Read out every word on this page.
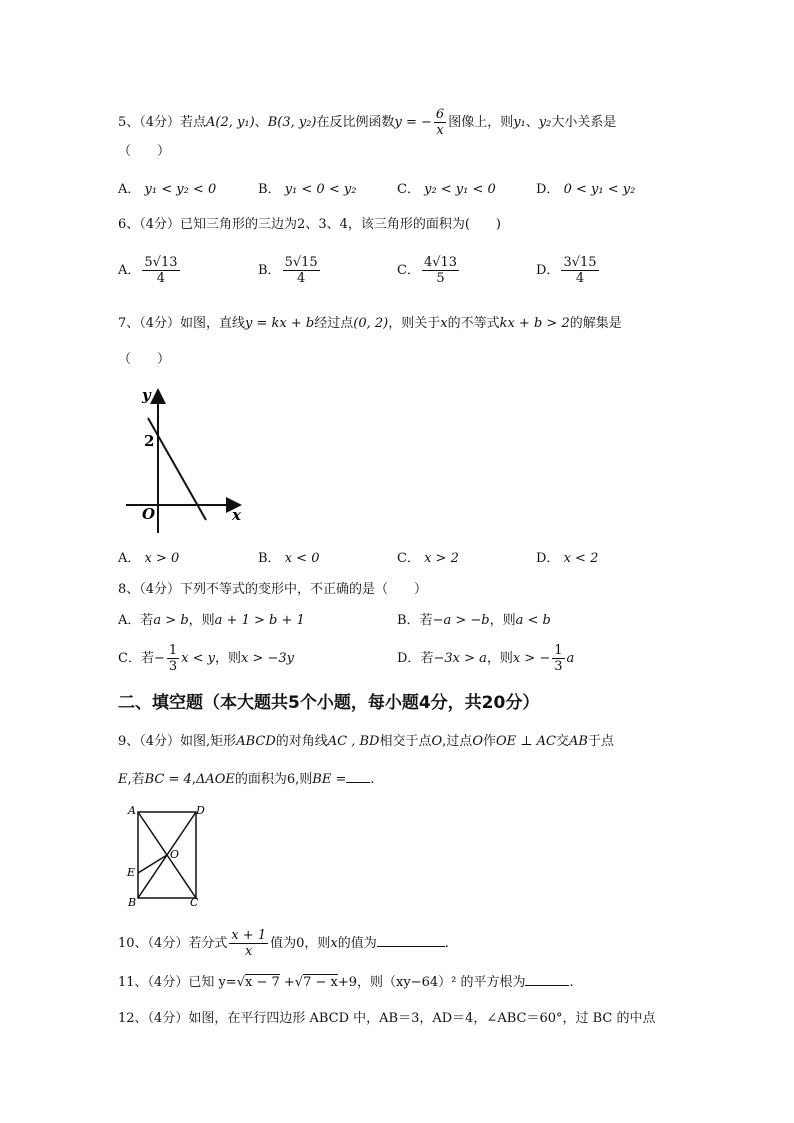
5、（4分）若点A(2, y₁)、B(3, y₂)在反比例函数y = − $\frac{6}{x}$ 图像上，则y₁、y₂大小关系是
（　　）
A． y₁ < y₂ < 0	B． y₁ < 0 < y₂	C． y₂ < y₁ < 0	D． 0 < y₁ < y₂
6、（4分）已知三角形的三边为2、3、4，该三角形的面积为(　　)
A． $\frac{5√13}{4}$	B． $\frac{5√15}{4}$	C． $\frac{4√13}{5}$	D． $\frac{3√15}{4}$
7、（4分）如图，直线y = kx + b经过点(0, 2)，则关于x的不等式kx + b > 2的解集是
（　　）
y
x
O
2
A． x > 0	B． x < 0	C． x > 2	D． x < 2
8、（4分）下列不等式的变形中，不正确的是（　　）
A．若a > b，则a + 1 > b + 1	B．若−a > −b，则a < b
C．若− $\frac{1}{3}$ x < y，则x > −3y	D．若−3x > a，则x > − $\frac{1}{3}$ a
二、填空题（本大题共5个小题，每小题4分，共20分）
9、（4分）如图,矩形ABCD的对角线AC , BD相交于点O,过点O作OE ⊥ AC交AB于点
E,若BC = 4,ΔAOE的面积为6,则BE = .
A	D
B	C
E
O
10、（4分）若分式 $\frac{x + 1}{x}$ 值为0，则x的值为	.
11、（4分）已知 y=√x − 7 +√7 − x+9，则（xy−64）² 的平方根为	.
12、（4分）如图，在平行四边形 ABCD 中，AB＝3，AD＝4，∠ABC＝60°，过 BC 的中点
